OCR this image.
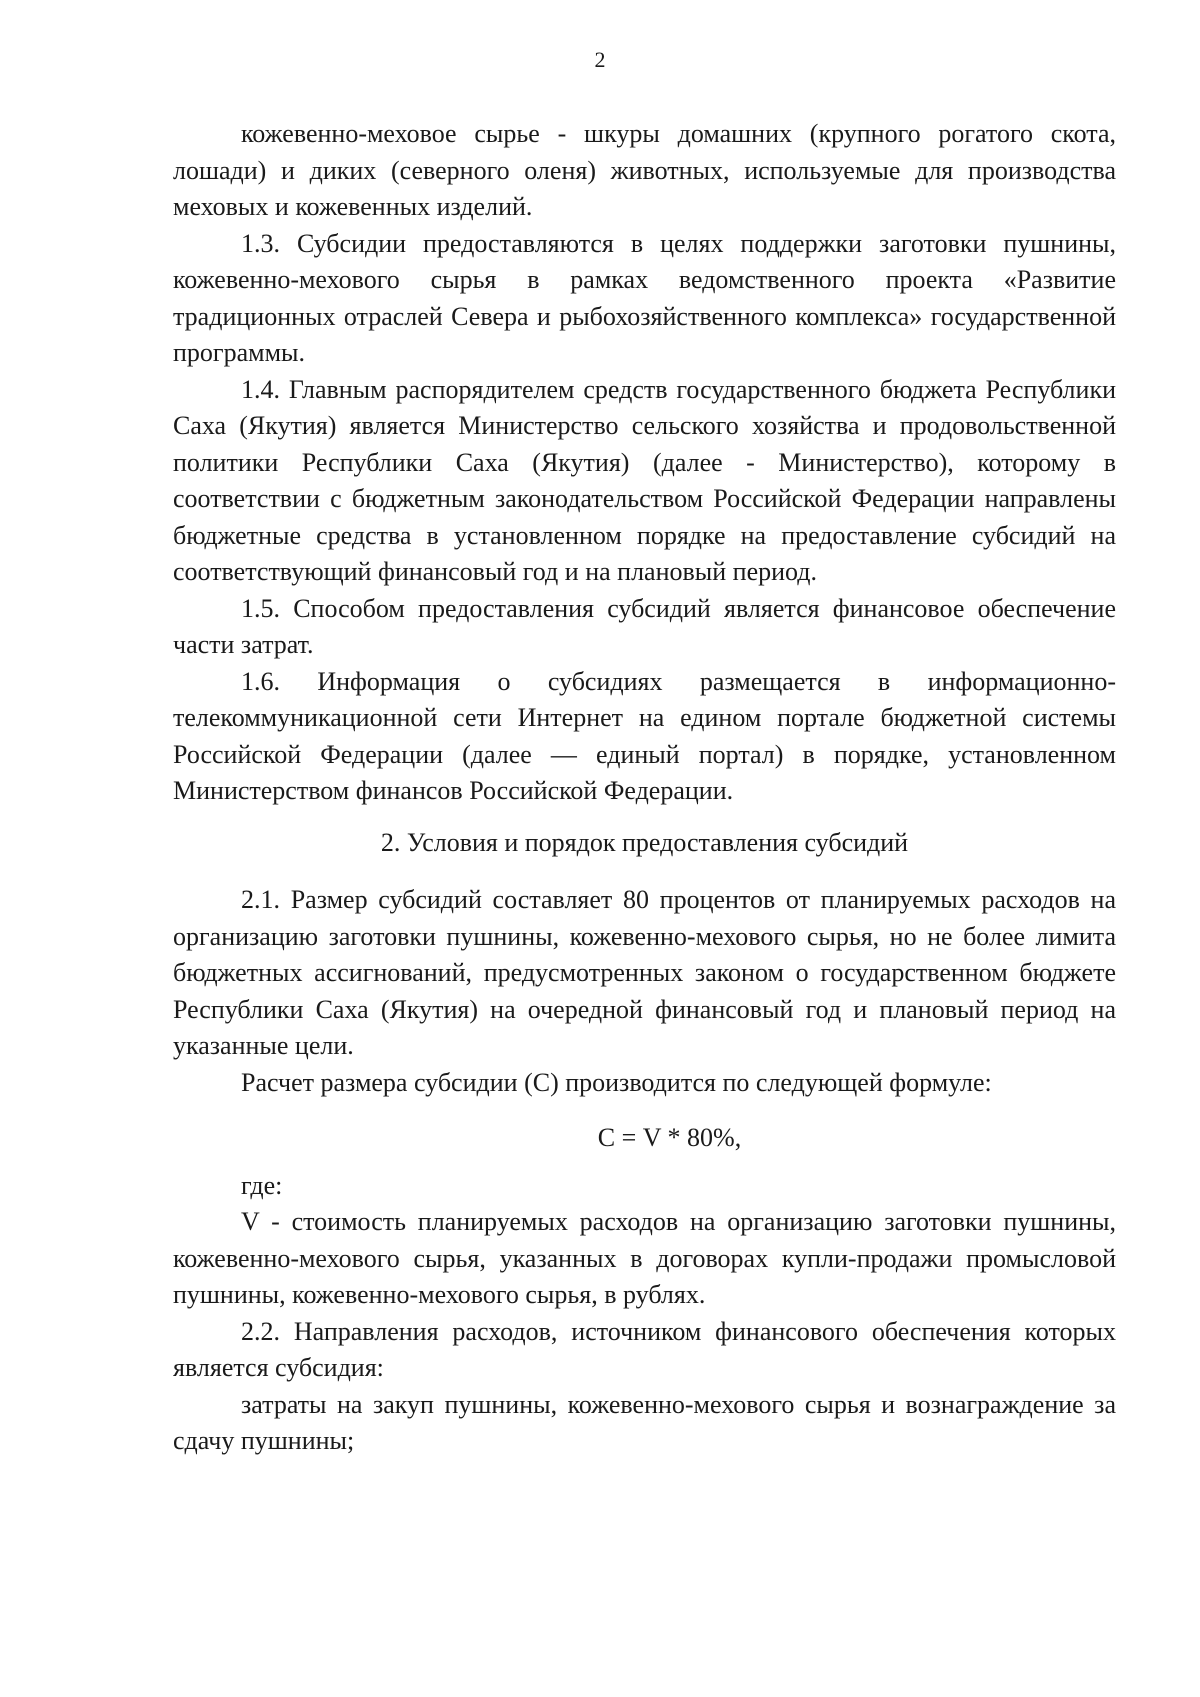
2

кожевенно-меховое сырье - шкуры домашних (крупного рогатого скота, лошади) и диких (северного оленя) животных, используемые для производства меховых и кожевенных изделий.

1.3. Субсидии предоставляются в целях поддержки заготовки пушнины, кожевенно-мехового сырья в рамках ведомственного проекта «Развитие традиционных отраслей Севера и рыбохозяйственного комплекса» государственной программы.

1.4. Главным распорядителем средств государственного бюджета Республики Саха (Якутия) является Министерство сельского хозяйства и продовольственной политики Республики Саха (Якутия) (далее - Министерство), которому в соответствии с бюджетным законодательством Российской Федерации направлены бюджетные средства в установленном порядке на предоставление субсидий на соответствующий финансовый год и на плановый период.

1.5. Способом предоставления субсидий является финансовое обеспечение части затрат.

1.6. Информация о субсидиях размещается в информационно-телекоммуникационной сети Интернет на едином портале бюджетной системы Российской Федерации (далее — единый портал) в порядке, установленном Министерством финансов Российской Федерации.

2. Условия и порядок предоставления субсидий

2.1. Размер субсидий составляет 80 процентов от планируемых расходов на организацию заготовки пушнины, кожевенно-мехового сырья, но не более лимита бюджетных ассигнований, предусмотренных законом о государственном бюджете Республики Саха (Якутия) на очередной финансовый год и плановый период на указанные цели.

Расчет размера субсидии (С) производится по следующей формуле:

С = V * 80%,

где:

V - стоимость планируемых расходов на организацию заготовки пушнины, кожевенно-мехового сырья, указанных в договорах купли-продажи промысловой пушнины, кожевенно-мехового сырья, в рублях.

2.2. Направления расходов, источником финансового обеспечения которых является субсидия:

затраты на закуп пушнины, кожевенно-мехового сырья и вознаграждение за сдачу пушнины;
